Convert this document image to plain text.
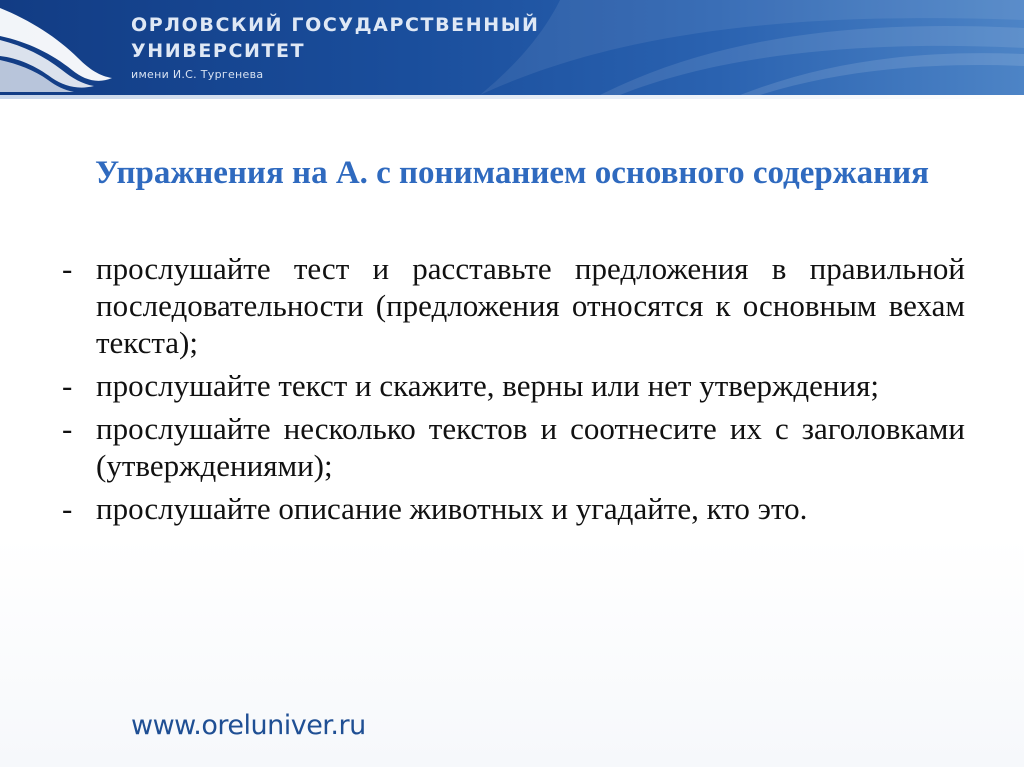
ОРЛОВСКИЙ ГОСУДАРСТВЕННЫЙ
УНИВЕРСИТЕТ
имени И.С. Тургенева
Упражнения на А. с пониманием основного содержания
- прослушайте тест и расставьте предложения в правильной последовательности (предложения относятся к основным вехам текста);
- прослушайте текст и скажите, верны или нет утверждения;
- прослушайте несколько текстов и соотнесите их с заголовками (утверждениями);
- прослушайте описание животных и угадайте, кто это.
www.oreluniver.ru
